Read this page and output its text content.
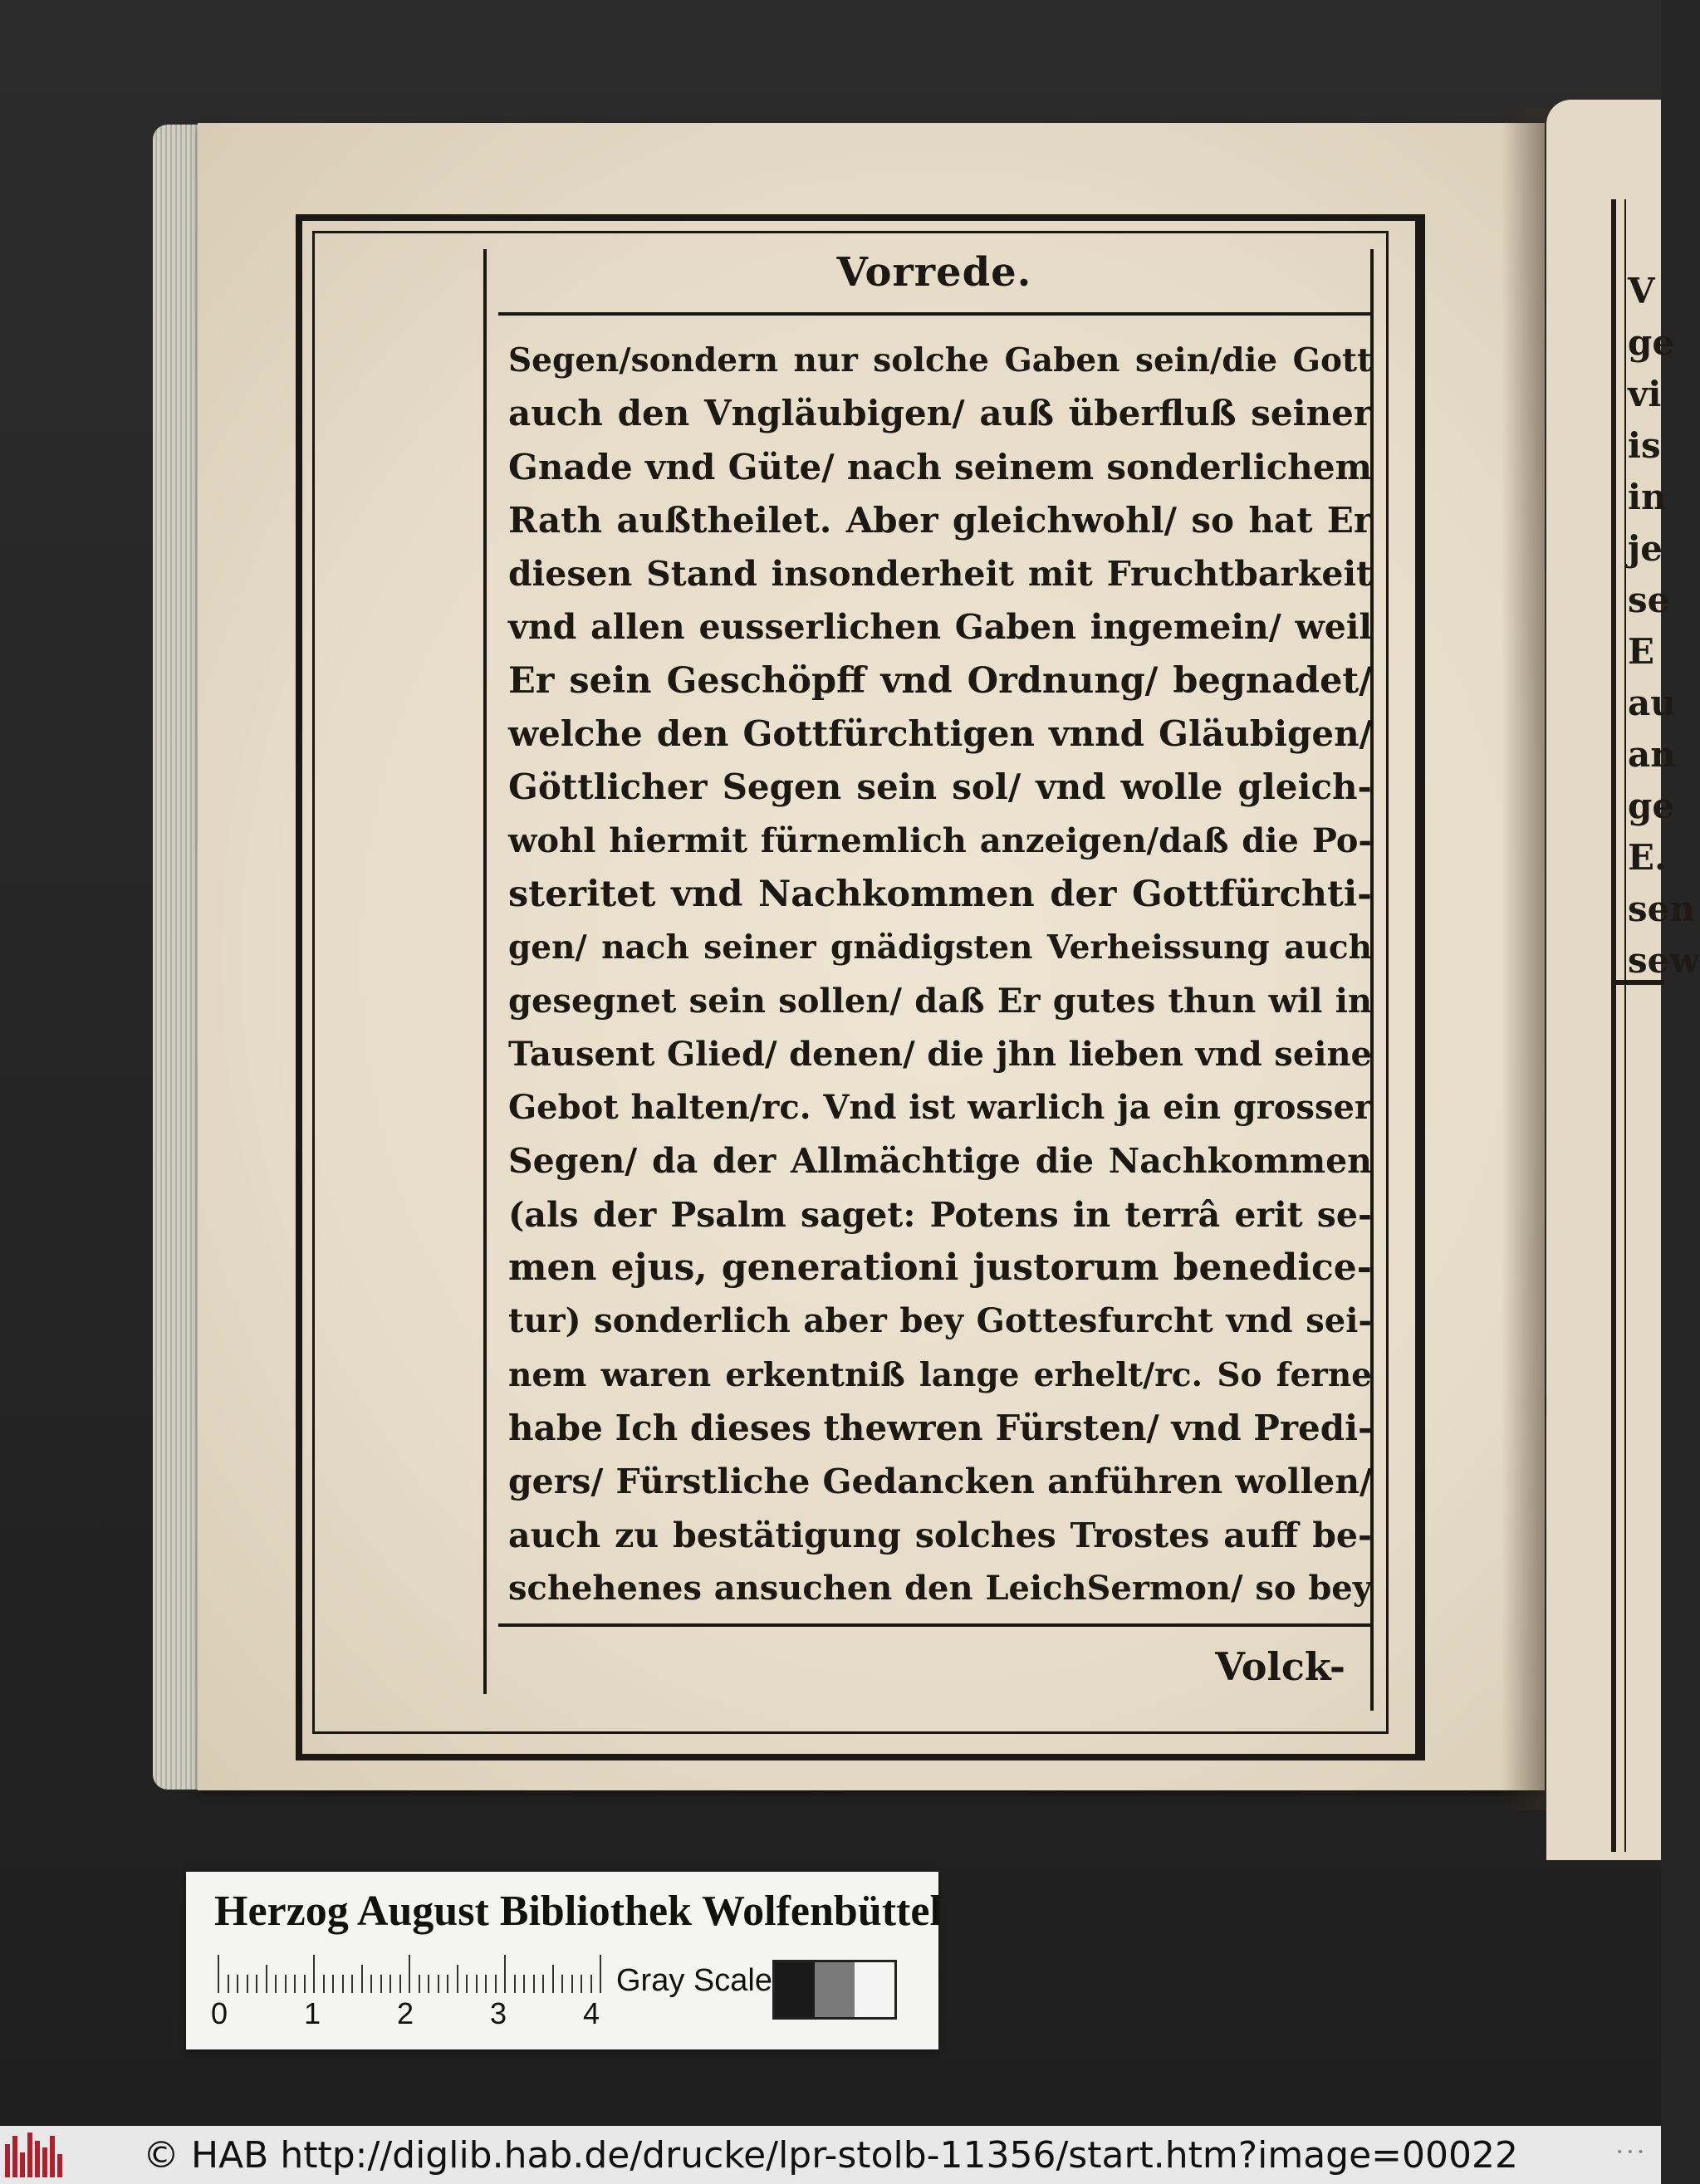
V
ge
vi
is
in
je
se
E
au
an
ge
E.
sen
sew
Vorrede.
Segen/sondern nur solche Gaben sein/die Gott
auch den Vngläubigen/ auß überfluß seiner
Gnade vnd Güte/ nach seinem sonderlichem
Rath außtheilet. Aber gleichwohl/ so hat Er
diesen Stand insonderheit mit Fruchtbarkeit
vnd allen eusserlichen Gaben ingemein/ weil
Er sein Geschöpff vnd Ordnung/ begnadet/
welche den Gottfürchtigen vnnd Gläubigen/
Göttlicher Segen sein sol/ vnd wolle gleich-
wohl hiermit fürnemlich anzeigen/daß die Po-
steritet vnd Nachkommen der Gottfürchti-
gen/ nach seiner gnädigsten Verheissung auch
gesegnet sein sollen/ daß Er gutes thun wil in
Tausent Glied/ denen/ die jhn lieben vnd seine
Gebot halten/rc. Vnd ist warlich ja ein grosser
Segen/ da der Allmächtige die Nachkommen
(als der Psalm saget: Potens in terrâ erit se-
men ejus, generationi justorum benedice-
tur) sonderlich aber bey Gottesfurcht vnd sei-
nem waren erkentniß lange erhelt/rc. So ferne
habe Ich dieses thewren Fürsten/ vnd Predi-
gers/ Fürstliche Gedancken anführen wollen/
auch zu bestätigung solches Trostes auff be-
schehenes ansuchen den LeichSermon/ so bey
Volck-
Herzog August Bibliothek Wolfenbüttel
0	1	2	3	4
Gray Scale
© HAB http://diglib.hab.de/drucke/lpr-stolb-11356/start.htm?image=00022	• • •
